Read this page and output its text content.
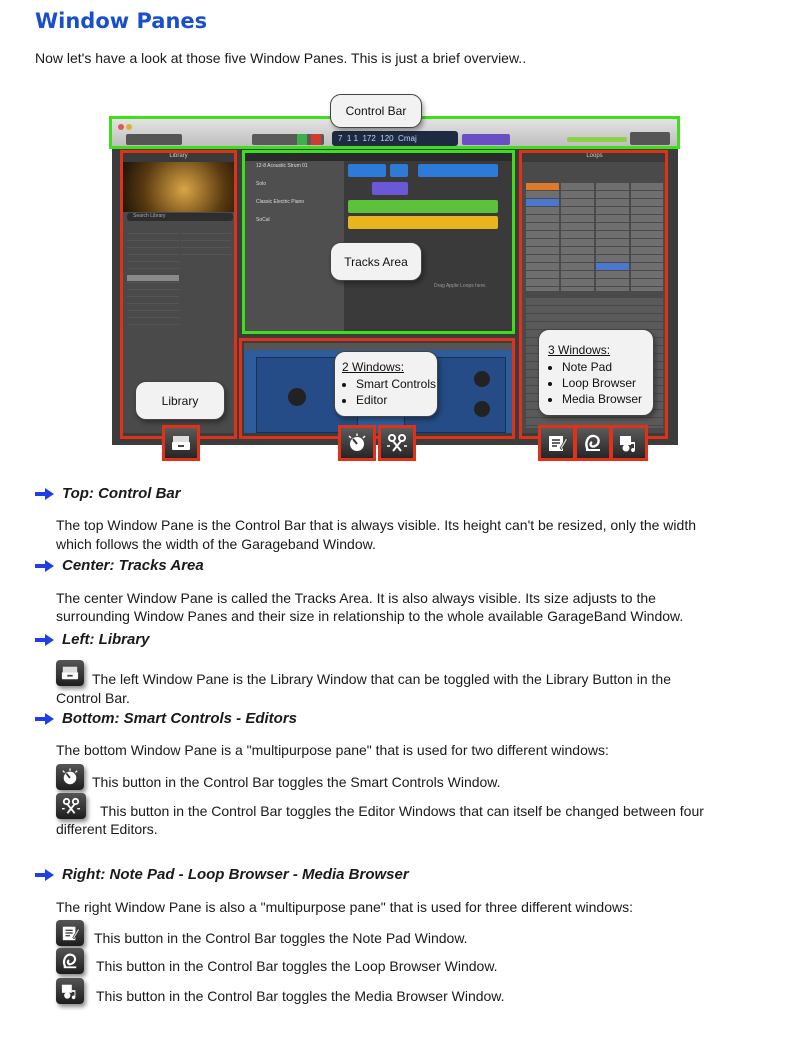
Window Panes
Now let's have a look at those five Window Panes. This is just a brief overview..
7  1 1  172  120  Cmaj
Library
Search Library
12-8 Acoustic Strum 01
Solo
Classic Electric Piano
SoCal
Drag Apple Loops here.
Loops
Control Bar
Tracks Area
Library
2 Windows:
• Smart Controls
• Editor
3 Windows:
• Note Pad
• Loop Browser
• Media Browser
Top: Control Bar
The top Window Pane is the Control Bar that is always visible. Its height can't be resized, only the width
which follows the width of the Garageband Window.
Center: Tracks Area
The center Window Pane is called the Tracks Area. It is also always visible. Its size adjusts to the
surrounding Window Panes and their size in relationship to the whole available GarageBand Window.
Left: Library
The left Window Pane is the Library Window that can be toggled with the Library Button in the
Control Bar.
Bottom: Smart Controls - Editors
The bottom Window Pane is a "multipurpose pane" that is used for two different windows:
This button in the Control Bar toggles the Smart Controls Window.
This button in the Control Bar toggles the Editor Windows that can itself be changed between four
different Editors.
Right: Note Pad - Loop Browser - Media Browser
The right Window Pane is also a "multipurpose pane" that is used for three different windows:
This button in the Control Bar toggles the Note Pad Window.
This button in the Control Bar toggles the Loop Browser Window.
This button in the Control Bar toggles the Media Browser Window.
